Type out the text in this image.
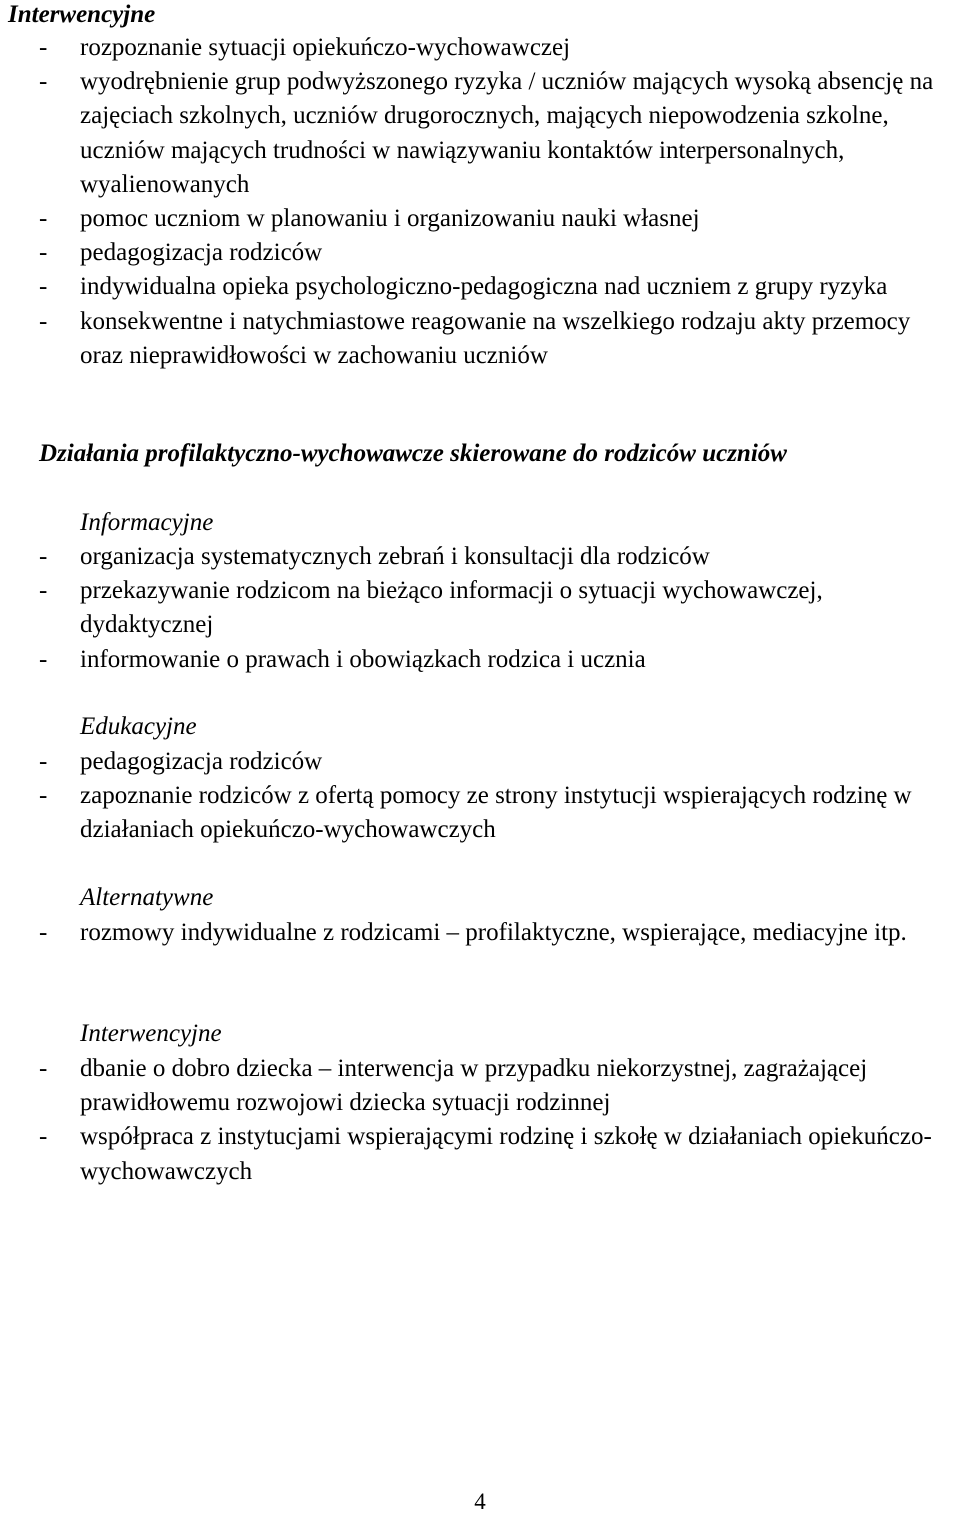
Interwencyjne
- rozpoznanie sytuacji opiekuńczo-wychowawczej
- wyodrębnienie grup podwyższonego ryzyka / uczniów mających wysoką absencję na zajęciach szkolnych, uczniów drugorocznych, mających niepowodzenia szkolne, uczniów mających trudności w nawiązywaniu kontaktów interpersonalnych, wyalienowanych
- pomoc uczniom w planowaniu i organizowaniu nauki własnej
- pedagogizacja rodziców
- indywidualna opieka psychologiczno-pedagogiczna nad uczniem z grupy ryzyka
- konsekwentne i natychmiastowe reagowanie na wszelkiego rodzaju akty przemocy oraz nieprawidłowości w zachowaniu uczniów
Działania profilaktyczno-wychowawcze skierowane do rodziców uczniów
Informacyjne
- organizacja systematycznych zebrań i konsultacji dla rodziców
- przekazywanie rodzicom na bieżąco informacji o sytuacji wychowawczej, dydaktycznej
- informowanie o prawach i obowiązkach rodzica i ucznia
Edukacyjne
- pedagogizacja rodziców
- zapoznanie rodziców z ofertą pomocy ze strony instytucji wspierających rodzinę w działaniach opiekuńczo-wychowawczych
Alternatywne
- rozmowy indywidualne z rodzicami – profilaktyczne, wspierające, mediacyjne itp.
Interwencyjne
- dbanie o dobro dziecka – interwencja w przypadku niekorzystnej, zagrażającej prawidłowemu rozwojowi dziecka sytuacji rodzinnej
- współpraca z instytucjami wspierającymi rodzinę i szkołę w działaniach opiekuńczo-wychowawczych

4
